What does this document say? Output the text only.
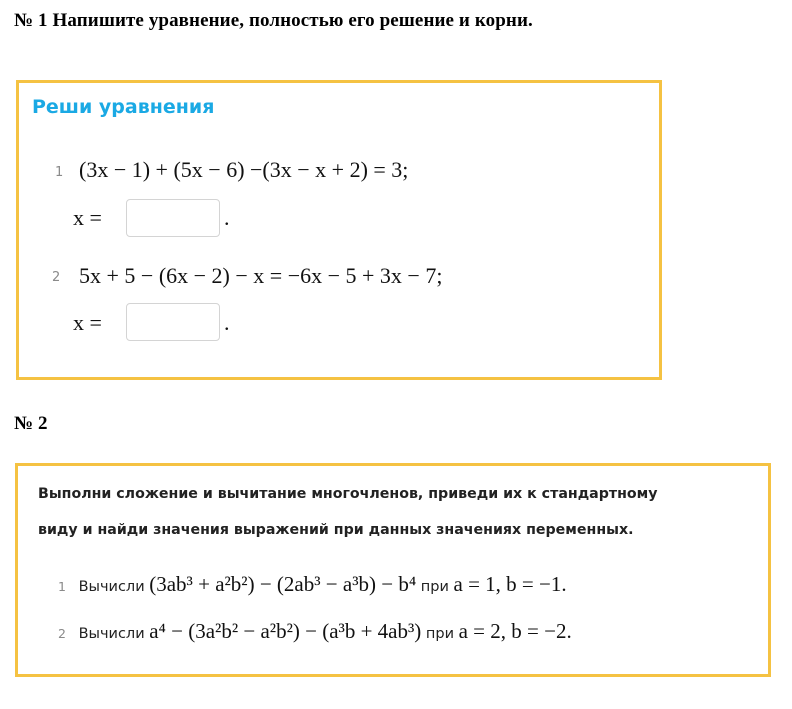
№ 1 Напишите уравнение, полностью его решение и корни.
Реши уравнения
1 (3x − 1) + (5x − 6) −(3x − x + 2) = 3;
x =	.
2 5x + 5 − (6x − 2) − x = −6x − 5 + 3x − 7;
x =	.
№ 2
Выполни сложение и вычитание многочленов, приведи их к стандартному
виду и найди значения выражений при данных значениях переменных.
1 Вычисли (3ab³ + a²b²) − (2ab³ − a³b) − b⁴ при a = 1, b = −1.
2 Вычисли a⁴ − (3a²b² − a²b²) − (a³b + 4ab³) при a = 2, b = −2.
